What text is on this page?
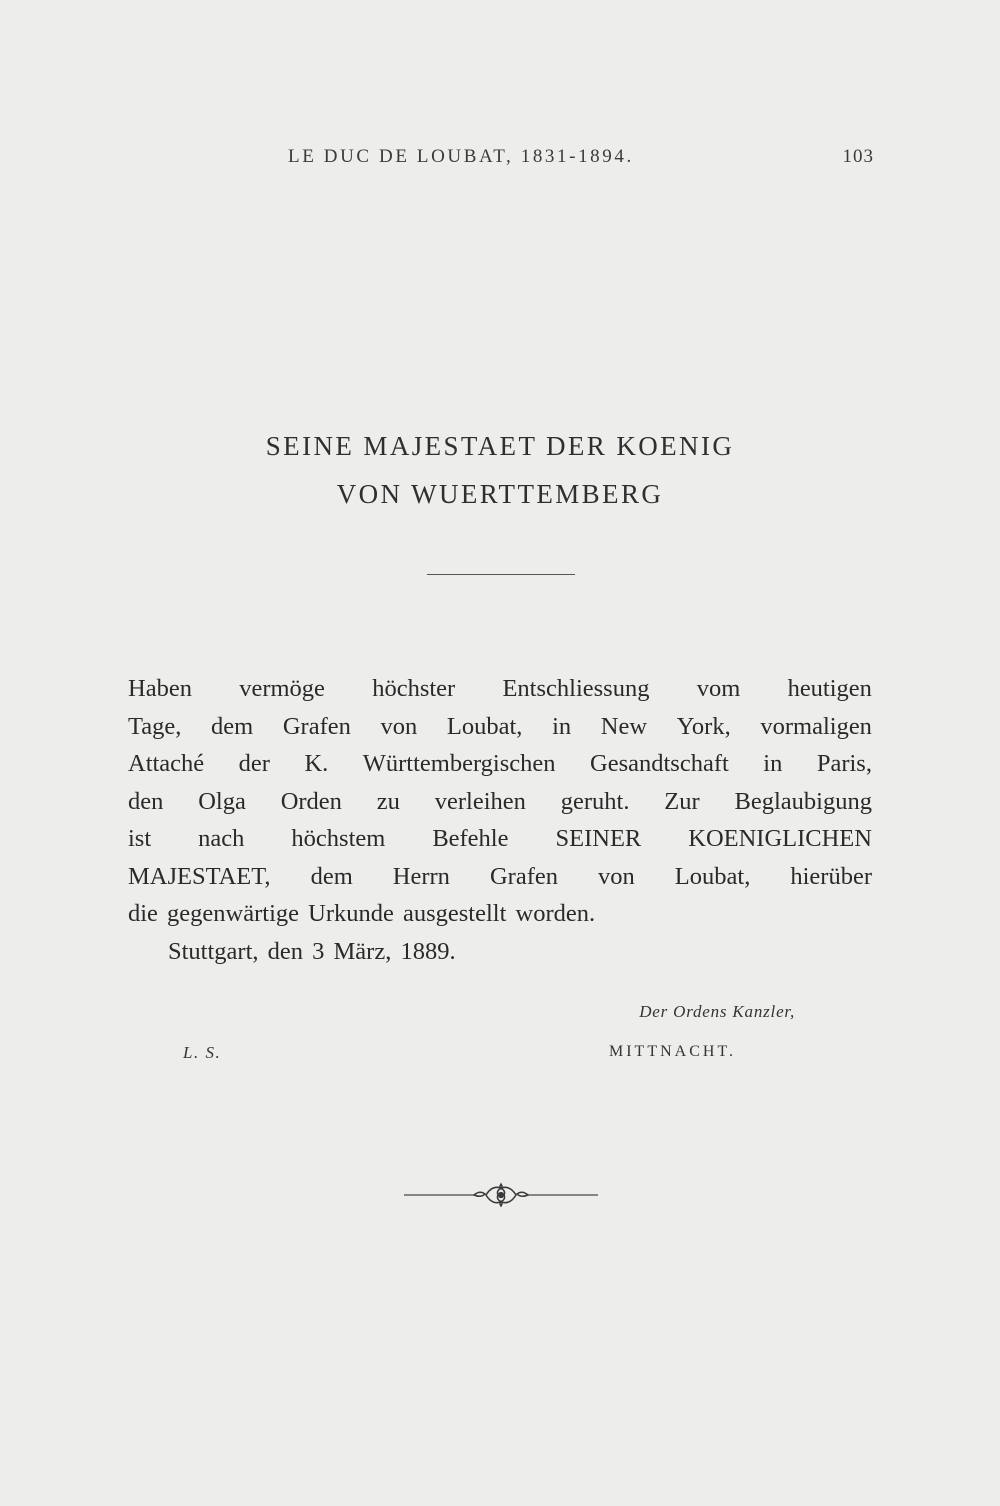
LE DUC DE LOUBAT, 1831-1894.	103
SEINE MAJESTAET DER KOENIG
VON WUERTTEMBERG
Haben vermöge höchster Entschliessung vom heutigen
Tage, dem Grafen von Loubat, in New York, vormaligen
Attaché der K. Württembergischen Gesandtschaft in Paris,
den Olga Orden zu verleihen geruht. Zur Beglaubigung
ist nach höchstem Befehle SEINER KOENIGLICHEN
MAJESTAET, dem Herrn Grafen von Loubat, hierüber
die gegenwärtige Urkunde ausgestellt worden.
Stuttgart, den 3 März, 1889.
Der Ordens Kanzler,
L. S.	MITTNACHT.
